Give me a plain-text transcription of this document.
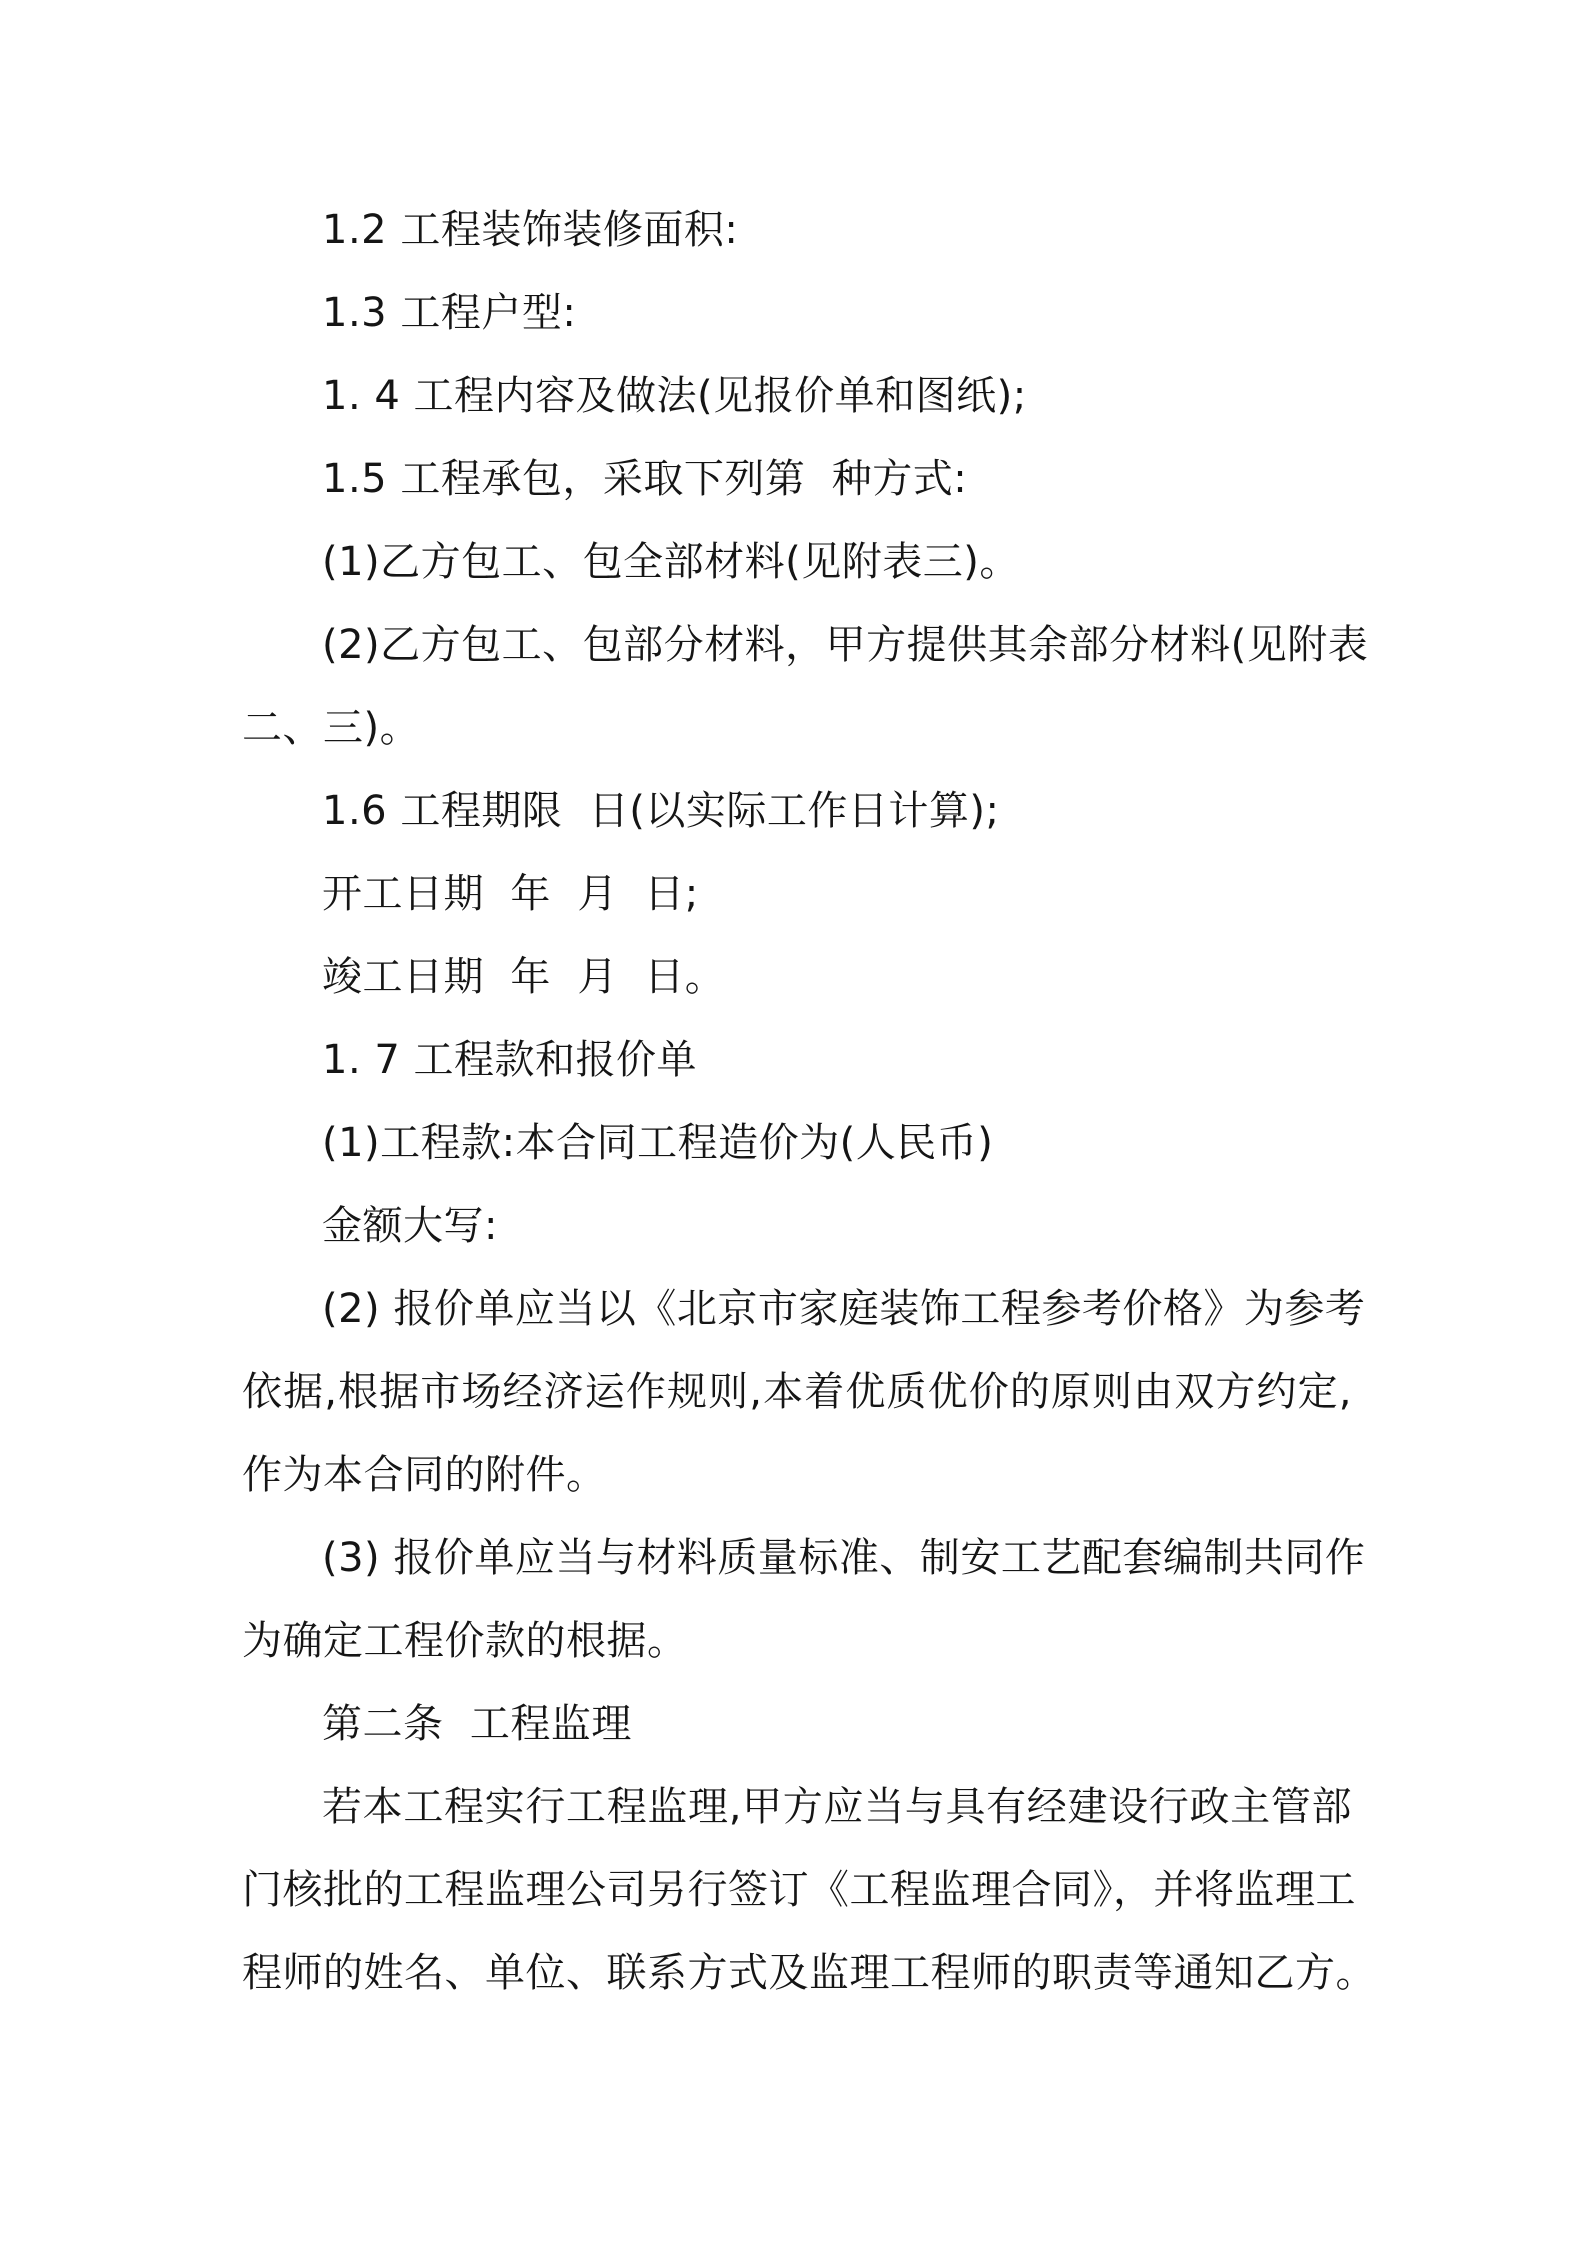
1.2 工程装饰装修面积:
1.3 工程户型:
1. 4 工程内容及做法(见报价单和图纸);
1.5 工程承包，采取下列第  种方式:
(1)乙方包工、包全部材料(见附表三)。
(2)乙方包工、包部分材料，甲方提供其余部分材料(见附表
二、三)。
1.6 工程期限  日(以实际工作日计算);
开工日期  年  月  日;
竣工日期  年  月  日。
1. 7 工程款和报价单
(1)工程款:本合同工程造价为(人民币)
金额大写:
(2) 报价单应当以《北京市家庭装饰工程参考价格》为参考
依据,根据市场经济运作规则,本着优质优价的原则由双方约定,
作为本合同的附件。
(3) 报价单应当与材料质量标准、制安工艺配套编制共同作
为确定工程价款的根据。
第二条  工程监理
若本工程实行工程监理,甲方应当与具有经建设行政主管部
门核批的工程监理公司另行签订《工程监理合同》，并将监理工
程师的姓名、单位、联系方式及监理工程师的职责等通知乙方。
